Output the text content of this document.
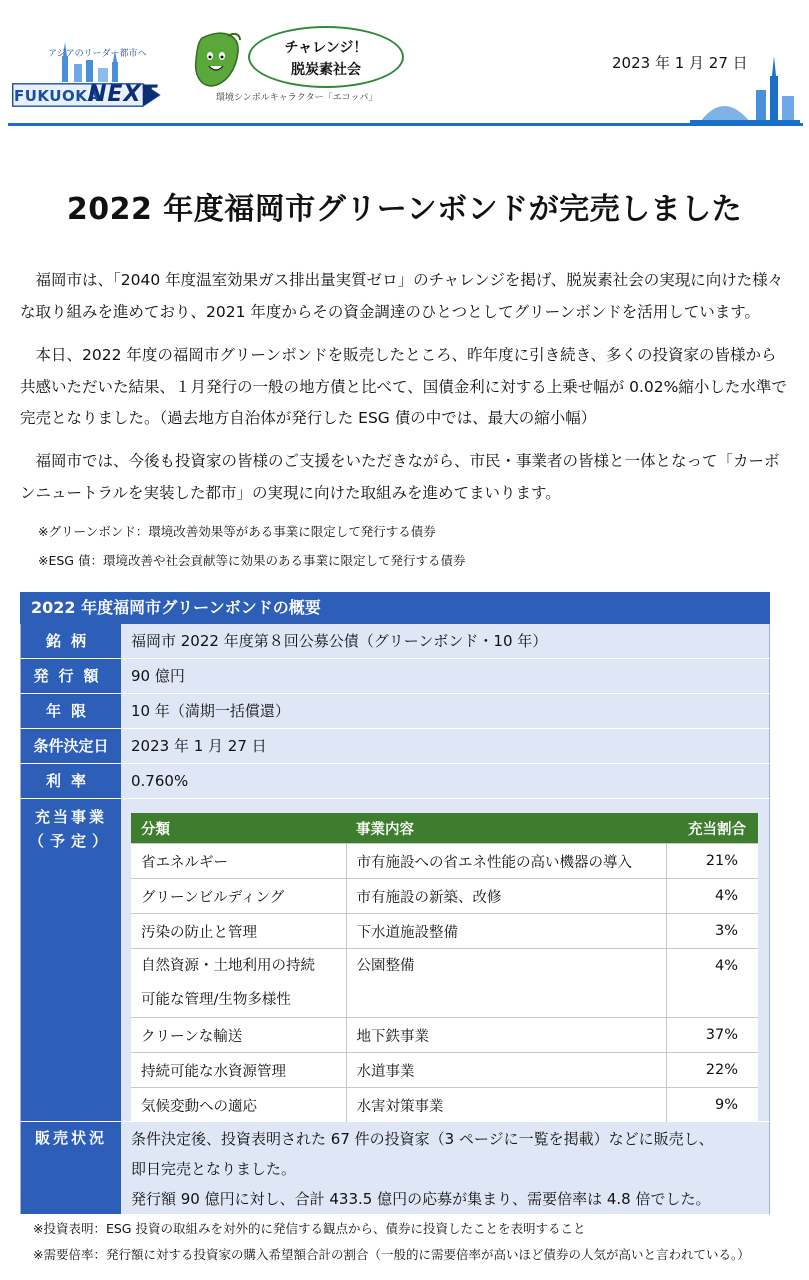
アジアのリーダー都市へ
FUKUOKA
NEXT
チャレンジ！
脱炭素社会
環境シンボルキャラクター「エコッパ」
2023 年 1 月 27 日
2022 年度福岡市グリーンボンドが完売しました
　福岡市は、「2040 年度温室効果ガス排出量実質ゼロ」のチャレンジを掲げ、脱炭素社会の実現に向けた様々な取り組みを進めており、2021 年度からその資金調達のひとつとしてグリーンボンドを活用しています。
　本日、2022 年度の福岡市グリーンボンドを販売したところ、昨年度に引き続き、多くの投資家の皆様から共感いただいた結果、１月発行の一般の地方債と比べて、国債金利に対する上乗せ幅が 0.02%縮小した水準で完売となりました。（過去地方自治体が発行した ESG 債の中では、最大の縮小幅）
　福岡市では、今後も投資家の皆様のご支援をいただきながら、市民・事業者の皆様と一体となって「カーボンニュートラルを実装した都市」の実現に向けた取組みを進めてまいります。
※グリーンボンド：環境改善効果等がある事業に限定して発行する債券
※ESG 債：環境改善や社会貢献等に効果のある事業に限定して発行する債券
2022 年度福岡市グリーンボンドの概要
銘柄	福岡市 2022 年度第８回公募公債（グリーンボンド・10 年）
発行額	90 億円
年限	10 年（満期一括償還）
条件決定日	2023 年 1 月 27 日
利率	0.760%
充当事業
（予定）
分類	事業内容	充当割合
省エネルギー	市有施設への省エネ性能の高い機器の導入	21%
グリーンビルディング	市有施設の新築、改修	4%
汚染の防止と管理	下水道施設整備	3%
自然資源・土地利用の持続
可能な管理/生物多様性	公園整備	4%
クリーンな輸送	地下鉄事業	37%
持続可能な水資源管理	水道事業	22%
気候変動への適応	水害対策事業	9%
販売状況	条件決定後、投資表明された 67 件の投資家（3 ページに一覧を掲載）などに販売し、
即日完売となりました。
発行額 90 億円に対し、合計 433.5 億円の応募が集まり、需要倍率は 4.8 倍でした。
※投資表明：ESG 投資の取組みを対外的に発信する観点から、債券に投資したことを表明すること
※需要倍率：発行額に対する投資家の購入希望額合計の割合（一般的に需要倍率が高いほど債券の人気が高いと言われている。）
